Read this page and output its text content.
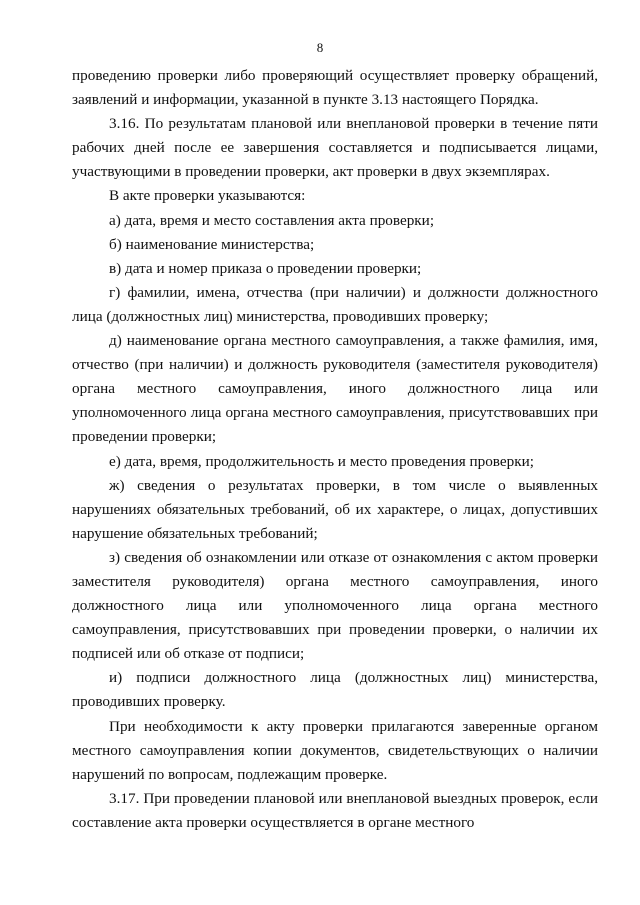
8

проведению проверки либо проверяющий осуществляет проверку обращений, заявлений и информации, указанной в пункте 3.13 настоящего Порядка.

3.16. По результатам плановой или внеплановой проверки в течение пяти рабочих дней после ее завершения составляется и подписывается лицами, участвующими в проведении проверки, акт проверки в двух экземплярах.

В акте проверки указываются:

а) дата, время и место составления акта проверки;

б) наименование министерства;

в) дата и номер приказа о проведении проверки;

г) фамилии, имена, отчества (при наличии) и должности должностного лица (должностных лиц) министерства, проводивших проверку;

д) наименование органа местного самоуправления, а также фамилия, имя, отчество (при наличии) и должность руководителя (заместителя руководителя) органа местного самоуправления, иного должностного лица или уполномоченного лица органа местного самоуправления, присутствовавших при проведении проверки;

е) дата, время, продолжительность и место проведения проверки;

ж) сведения о результатах проверки, в том числе о выявленных нарушениях обязательных требований, об их характере, о лицах, допустивших нарушение обязательных требований;

з) сведения об ознакомлении или отказе от ознакомления с актом проверки заместителя руководителя) органа местного самоуправления, иного должностного лица или уполномоченного лица органа местного самоуправления, присутствовавших при проведении проверки, о наличии их подписей или об отказе от подписи;

и) подписи должностного лица (должностных лиц) министерства, проводивших проверку.

При необходимости к акту проверки прилагаются заверенные органом местного самоуправления копии документов, свидетельствующих о наличии нарушений по вопросам, подлежащим проверке.

3.17. При проведении плановой или внеплановой выездных проверок, если составление акта проверки осуществляется в органе местного
